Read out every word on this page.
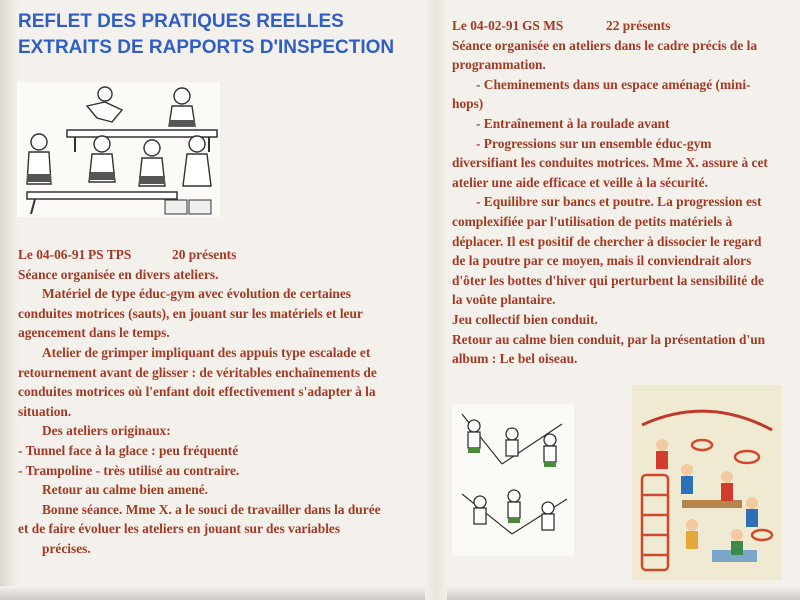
REFLET DES PRATIQUES REELLES
EXTRAITS DE RAPPORTS D'INSPECTION
Le 04-06-91 PS TPS	20 présents
Séance organisée en divers ateliers.
Matériel de type éduc-gym avec évolution de certaines
conduites motrices (sauts), en jouant sur les matériels et leur
agencement dans le temps.
Atelier de grimper impliquant des appuis type escalade et
retournement avant de glisser : de véritables enchaînements de
conduites motrices où l'enfant doit effectivement s'adapter à la
situation.
Des ateliers originaux:
- Tunnel face à la glace : peu fréquenté
- Trampoline - très utilisé au contraire.
Retour au calme bien amené.
Bonne séance. Mme X. a le souci de travailler dans la durée
et de faire évoluer les ateliers en jouant sur des variables
précises.
Le 04-02-91 GS MS	22 présents
Séance organisée en ateliers dans le cadre précis de la
programmation.
- Cheminements dans un espace aménagé (mini-
hops)
- Entraînement à la roulade avant
- Progressions sur un ensemble éduc-gym
diversifiant les conduites motrices. Mme X. assure à cet
atelier une aide efficace et veille à la sécurité.
- Equilibre sur bancs et poutre. La progression est
complexifiée par l'utilisation de petits matériels à
déplacer. Il est positif de chercher à dissocier le regard
de la poutre par ce moyen, mais il conviendrait alors
d'ôter les bottes d'hiver qui perturbent la sensibilité de
la voûte plantaire.
Jeu collectif bien conduit.
Retour au calme bien conduit, par la présentation d'un
album : Le bel oiseau.
